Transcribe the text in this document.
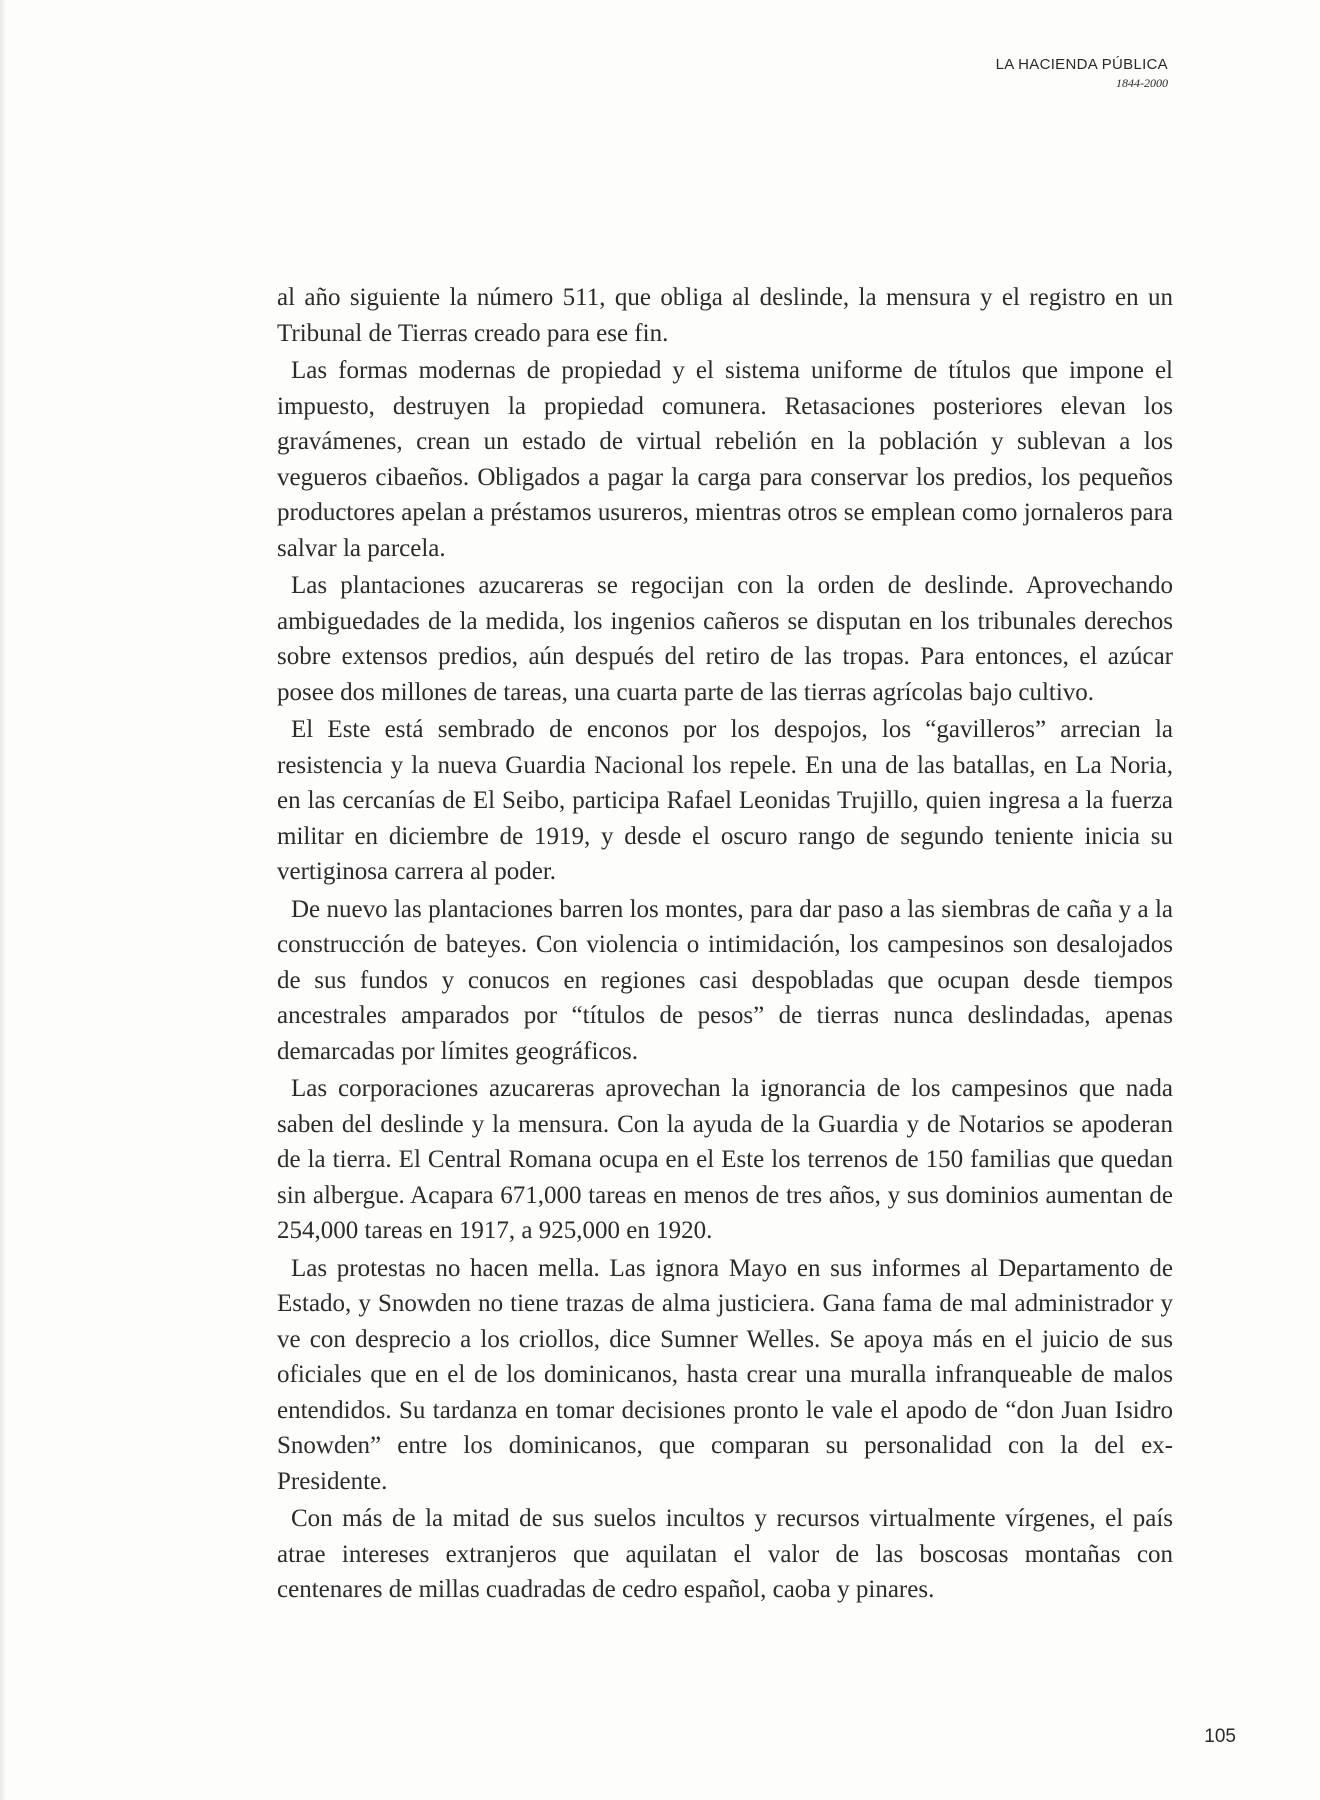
LA HACIENDA PÚBLICA
1844-2000

al año siguiente la número 511, que obliga al deslinde, la mensura y el registro en un Tribunal de Tierras creado para ese fin.

Las formas modernas de propiedad y el sistema uniforme de títulos que impone el impuesto, destruyen la propiedad comunera. Retasaciones posteriores elevan los gravámenes, crean un estado de virtual rebelión en la población y sublevan a los vegueros cibaeños. Obligados a pagar la carga para conservar los predios, los pequeños productores apelan a préstamos usureros, mientras otros se emplean como jornaleros para salvar la parcela.

Las plantaciones azucareras se regocijan con la orden de deslinde. Aprovechando ambiguedades de la medida, los ingenios cañeros se disputan en los tribunales derechos sobre extensos predios, aún después del retiro de las tropas. Para entonces, el azúcar posee dos millones de tareas, una cuarta parte de las tierras agrícolas bajo cultivo.

El Este está sembrado de enconos por los despojos, los “gavilleros” arrecian la resistencia y la nueva Guardia Nacional los repele. En una de las batallas, en La Noria, en las cercanías de El Seibo, participa Rafael Leonidas Trujillo, quien ingresa a la fuerza militar en diciembre de 1919, y desde el oscuro rango de segundo teniente inicia su vertiginosa carrera al poder.

De nuevo las plantaciones barren los montes, para dar paso a las siembras de caña y a la construcción de bateyes. Con violencia o intimidación, los campesinos son desalojados de sus fundos y conucos en regiones casi despobladas que ocupan desde tiempos ancestrales amparados por “títulos de pesos” de tierras nunca deslindadas, apenas demarcadas por límites geográficos.

Las corporaciones azucareras aprovechan la ignorancia de los campesinos que nada saben del deslinde y la mensura. Con la ayuda de la Guardia y de Notarios se apoderan de la tierra. El Central Romana ocupa en el Este los terrenos de 150 familias que quedan sin albergue. Acapara 671,000 tareas en menos de tres años, y sus dominios aumentan de 254,000 tareas en 1917, a 925,000 en 1920.

Las protestas no hacen mella. Las ignora Mayo en sus informes al Departamento de Estado, y Snowden no tiene trazas de alma justiciera. Gana fama de mal administrador y ve con desprecio a los criollos, dice Sumner Welles. Se apoya más en el juicio de sus oficiales que en el de los dominicanos, hasta crear una muralla infranqueable de malos entendidos. Su tardanza en tomar decisiones pronto le vale el apodo de “don Juan Isidro Snowden” entre los dominicanos, que comparan su personalidad con la del ex-Presidente.

Con más de la mitad de sus suelos incultos y recursos virtualmente vírgenes, el país atrae intereses extranjeros que aquilatan el valor de las boscosas montañas con centenares de millas cuadradas de cedro español, caoba y pinares.

105
